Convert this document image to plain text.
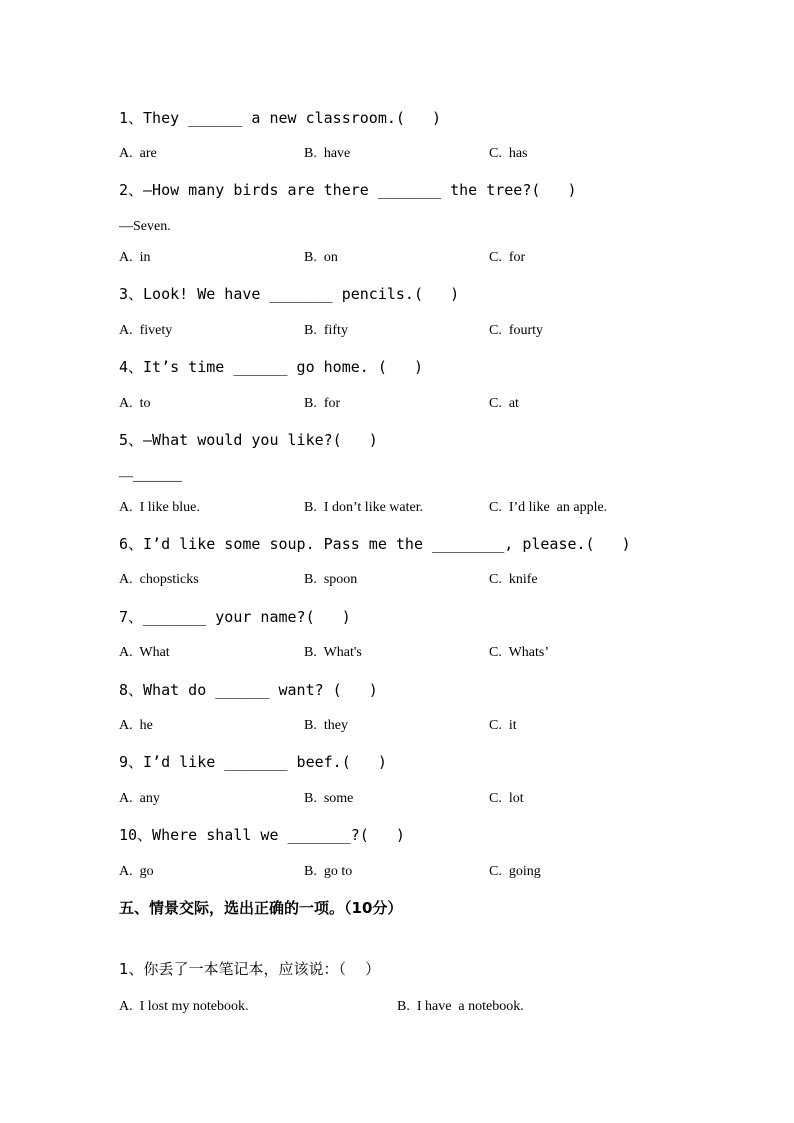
1、They ______ a new classroom.(   )
A.  are	B.  have	C.  has
2、—How many birds are there _______ the tree?(   )
—Seven.
A.  in	B.  on	C.  for
3、Look! We have _______ pencils.(   )
A.  fivety	B.  fifty	C.  fourty
4、It’s time ______ go home. (   )
A.  to	B.  for	C.  at
5、—What would you like?(   )
—_______
A.  I like blue.	B.  I don’t like water.	C.  I’d like  an apple.
6、I’d like some soup. Pass me the ________, please.(   )
A.  chopsticks	B.  spoon	C.  knife
7、_______ your name?(   )
A.  What	B.  What's	C.  Whats’
8、What do ______ want? (   )
A.  he	B.  they	C.  it
9、I’d like _______ beef.(   )
A.  any	B.  some	C.  lot
10、Where shall we _______?(   )
A.  go	B.  go to	C.  going
五、情景交际，选出正确的一项。（10分）
1、你丢了一本笔记本，应该说：（    ）
A.  I lost my notebook.	B.  I have  a notebook.
